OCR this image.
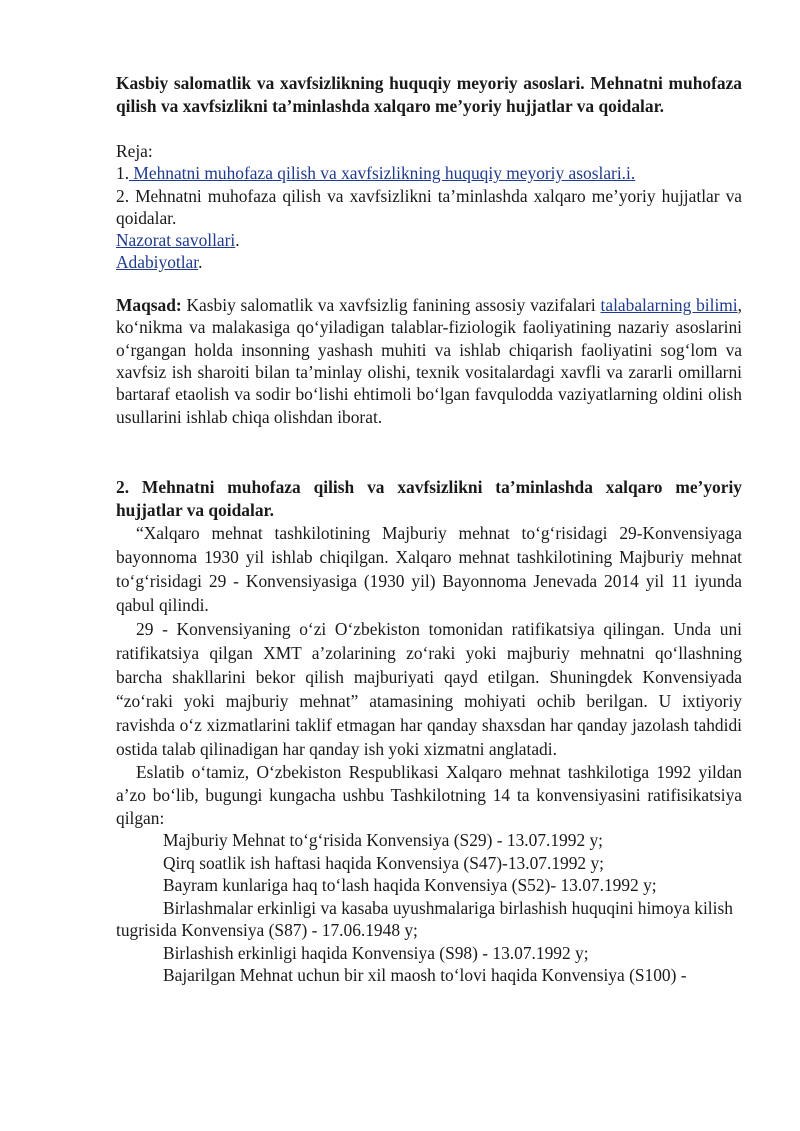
Kasbiy salomatlik va xavfsizlikning huquqiy meyoriy asoslari. Mehnatni muhofaza qilish va xavfsizlikni ta’minlashda xalqaro me’yoriy hujjatlar va qoidalar.

Reja:

1. Mehnatni muhofaza qilish va xavfsizlikning huquqiy meyoriy asoslari.i.

2. Mehnatni muhofaza qilish va xavfsizlikni ta’minlashda xalqaro me’yoriy hujjatlar va qoidalar.

Nazorat savollari.

Adabiyotlar.

Maqsad: Kasbiy salomatlik va xavfsizlig fanining assosiy vazifalari talabalarning bilimi, ko‘nikma va malakasiga qo‘yiladigan talablar-fiziologik faoliyatining nazariy asoslarini o‘rgangan holda insonning yashash muhiti va ishlab chiqarish faoliyatini sog‘lom va xavfsiz ish sharoiti bilan ta’minlay olishi, texnik vositalardagi xavfli va zararli omillarni bartaraf etaolish va sodir bo‘lishi ehtimoli bo‘lgan favqulodda vaziyatlarning oldini olish usullarini ishlab chiqa olishdan iborat.

2. Mehnatni muhofaza qilish va xavfsizlikni ta’minlashda xalqaro me’yoriy hujjatlar va qoidalar.

“Xalqaro mehnat tashkilotining Majburiy mehnat to‘g‘risidagi 29-Konvensiyaga bayonnoma 1930 yil ishlab chiqilgan. Xalqaro mehnat tashkilotining Majburiy mehnat to‘g‘risidagi 29 - Konvensiyasiga (1930 yil) Bayonnoma Jenevada 2014 yil 11 iyunda qabul qilindi.

29 - Konvensiyaning o‘zi O‘zbekiston tomonidan ratifikatsiya qilingan. Unda uni ratifikatsiya qilgan XMT a’zolarining zo‘raki yoki majburiy mehnatni qo‘llashning barcha shakllarini bekor qilish majburiyati qayd etilgan. Shuningdek Konvensiyada “zo‘raki yoki majburiy mehnat” atamasining mohiyati ochib berilgan. U ixtiyoriy ravishda o‘z xizmatlarini taklif etmagan har qanday shaxsdan har qanday jazolash tahdidi ostida talab qilinadigan har qanday ish yoki xizmatni anglatadi.

Eslatib o‘tamiz, O‘zbekiston Respublikasi Xalqaro mehnat tashkilotiga 1992 yildan a’zo bo‘lib, bugungi kungacha ushbu Tashkilotning 14 ta konvensiyasini ratifisikatsiya qilgan:

Majburiy Mehnat to‘g‘risida Konvensiya (S29) - 13.07.1992 y;

Qirq soatlik ish haftasi haqida Konvensiya (S47)-13.07.1992 y;

Bayram kunlariga haq to‘lash haqida Konvensiya (S52)- 13.07.1992 y;

Birlashmalar erkinligi va kasaba uyushmalariga birlashish huquqini himoya kilish tugrisida Konvensiya (S87) - 17.06.1948 y;

Birlashish erkinligi haqida Konvensiya (S98) - 13.07.1992 y;

Bajarilgan Mehnat uchun bir xil maosh to‘lovi haqida Konvensiya (S100) -
